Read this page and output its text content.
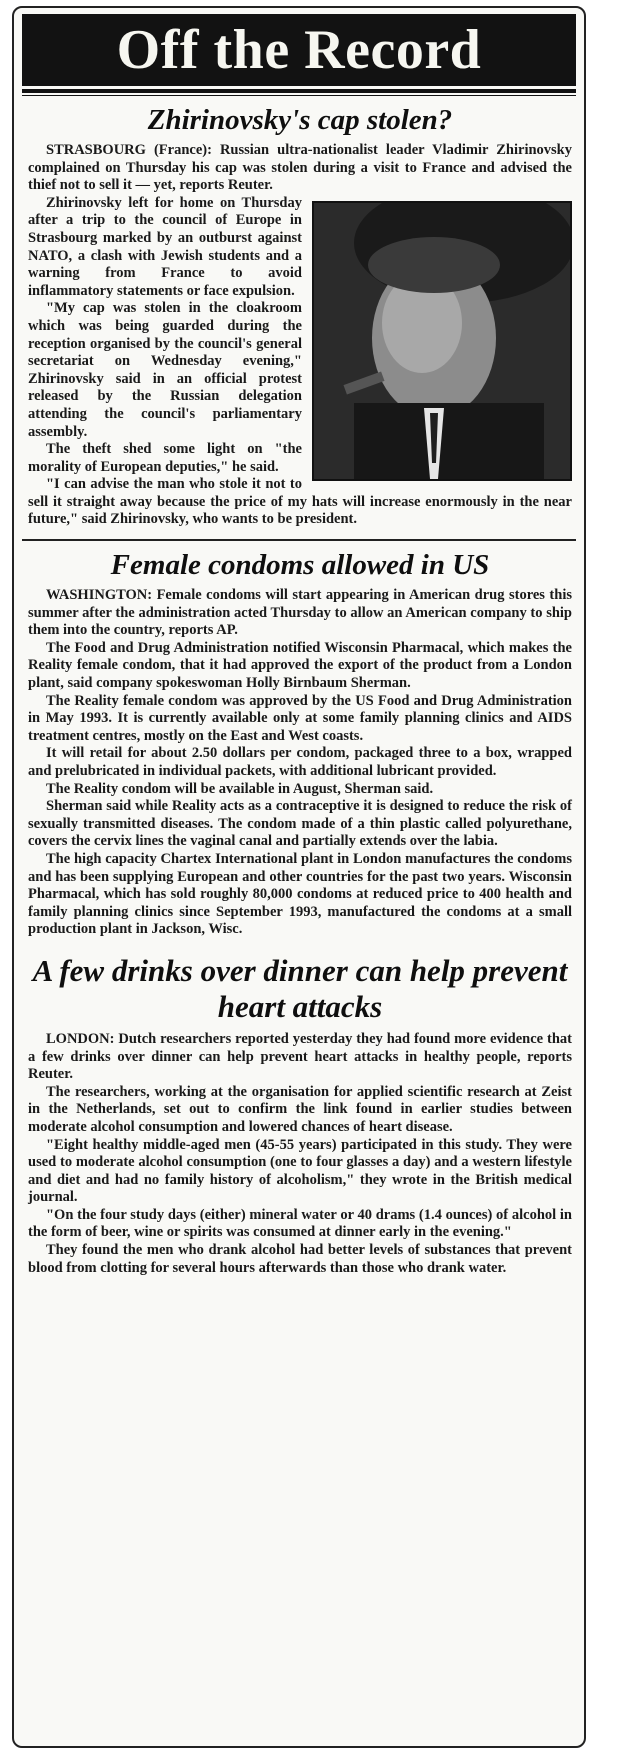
Off the Record
Zhirinovsky's cap stolen?

STRASBOURG (France): Russian ultra-nationalist leader Vladimir Zhirinovsky complained on Thursday his cap was stolen during a visit to France and advised the thief not to sell it — yet, reports Reuter.

Zhirinovsky left for home on Thursday after a trip to the council of Europe in Strasbourg marked by an outburst against NATO, a clash with Jewish students and a warning from France to avoid inflammatory statements or face expulsion.

"My cap was stolen in the cloakroom which was being guarded during the reception organised by the council's general secretariat on Wednesday evening," Zhirinovsky said in an official protest released by the Russian delegation attending the council's parliamentary assembly.

The theft shed some light on "the morality of European deputies," he said.

"I can advise the man who stole it not to sell it straight away because the price of my hats will increase enormously in the near future," said Zhirinovsky, who wants to be president.

Female condoms allowed in US

WASHINGTON: Female condoms will start appearing in American drug stores this summer after the administration acted Thursday to allow an American company to ship them into the country, reports AP.

The Food and Drug Administration notified Wisconsin Pharmacal, which makes the Reality female condom, that it had approved the export of the product from a London plant, said company spokeswoman Holly Birnbaum Sherman.

The Reality female condom was approved by the US Food and Drug Administration in May 1993. It is currently available only at some family planning clinics and AIDS treatment centres, mostly on the East and West coasts.

It will retail for about 2.50 dollars per condom, packaged three to a box, wrapped and prelubricated in individual packets, with additional lubricant provided.

The Reality condom will be available in August, Sherman said.

Sherman said while Reality acts as a contraceptive it is designed to reduce the risk of sexually transmitted diseases. The condom made of a thin plastic called polyurethane, covers the cervix lines the vaginal canal and partially extends over the labia.

The high capacity Chartex International plant in London manufactures the condoms and has been supplying European and other countries for the past two years. Wisconsin Pharmacal, which has sold roughly 80,000 condoms at reduced price to 400 health and family planning clinics since September 1993, manufactured the condoms at a small production plant in Jackson, Wisc.

A few drinks over dinner can help prevent heart attacks

LONDON: Dutch researchers reported yesterday they had found more evidence that a few drinks over dinner can help prevent heart attacks in healthy people, reports Reuter.

The researchers, working at the organisation for applied scientific research at Zeist in the Netherlands, set out to confirm the link found in earlier studies between moderate alcohol consumption and lowered chances of heart disease.

"Eight healthy middle-aged men (45-55 years) participated in this study. They were used to moderate alcohol consumption (one to four glasses a day) and a western lifestyle and diet and had no family history of alcoholism," they wrote in the British medical journal.

"On the four study days (either) mineral water or 40 drams (1.4 ounces) of alcohol in the form of beer, wine or spirits was consumed at dinner early in the evening."

They found the men who drank alcohol had better levels of substances that prevent blood from clotting for several hours afterwards than those who drank water.
